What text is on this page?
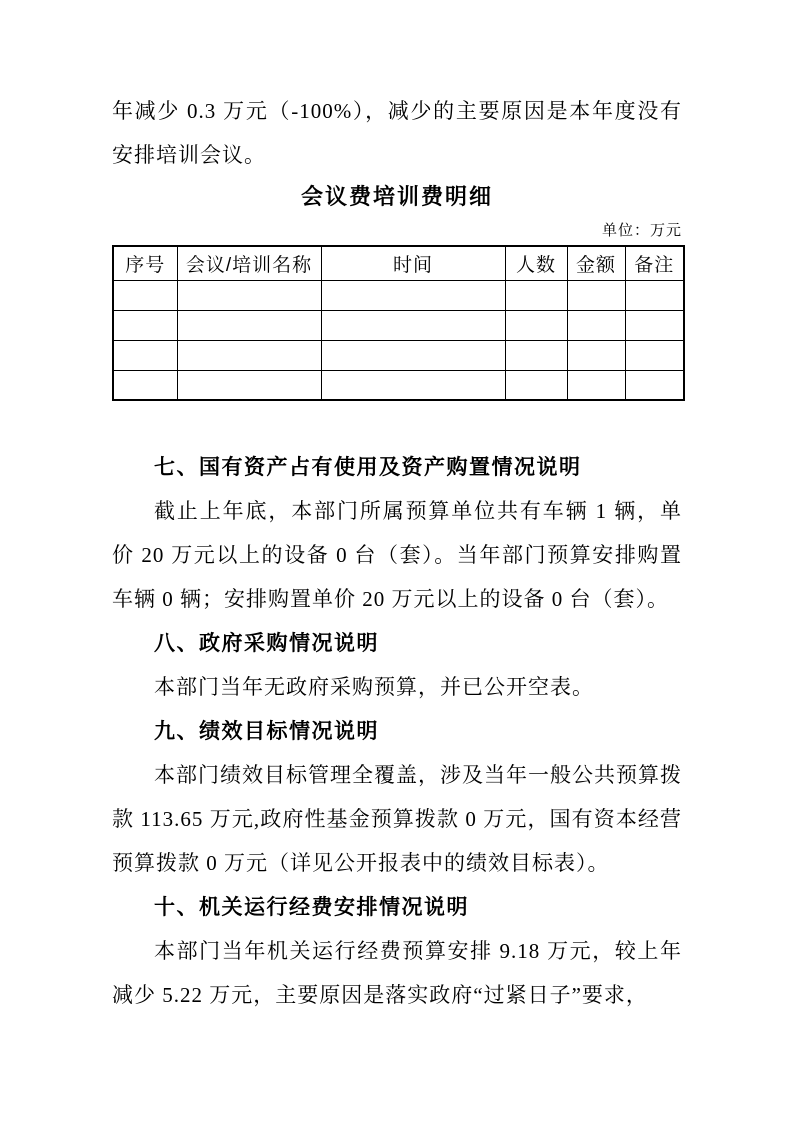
年减少 0.3 万元（-100%），减少的主要原因是本年度没有安排培训会议。

会议费培训费明细
单位：万元
序号	会议/培训名称	时间	人数	金额	备注

七、国有资产占有使用及资产购置情况说明

截止上年底，本部门所属预算单位共有车辆 1 辆，单价 20 万元以上的设备 0 台（套）。当年部门预算安排购置车辆 0 辆；安排购置单价 20 万元以上的设备 0 台（套）。

八、政府采购情况说明

本部门当年无政府采购预算，并已公开空表。

九、绩效目标情况说明

本部门绩效目标管理全覆盖，涉及当年一般公共预算拨款 113.65 万元,政府性基金预算拨款 0 万元，国有资本经营预算拨款 0 万元（详见公开报表中的绩效目标表）。

十、机关运行经费安排情况说明

本部门当年机关运行经费预算安排 9.18 万元，较上年减少 5.22 万元，主要原因是落实政府“过紧日子”要求，
